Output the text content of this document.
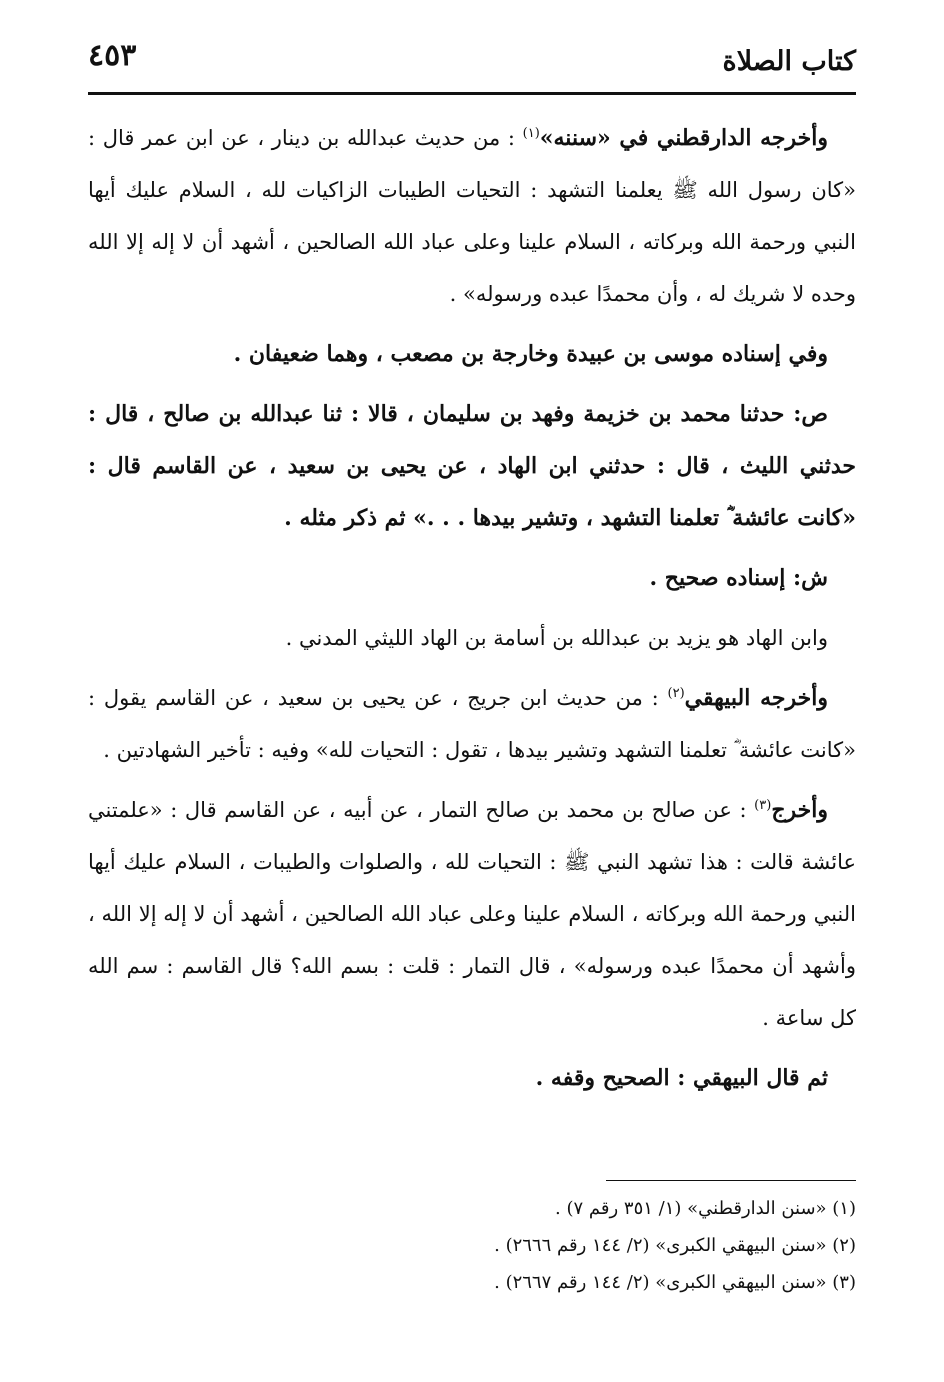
كتاب الصلاة
٤٥٣

وأخرجه الدارقطني في «سننه»$^{(١)}$ : من حديث عبدالله بن دينار ، عن ابن عمر قال : «كان رسول الله ﷺ يعلمنا التشهد : التحيات الطيبات الزاكيات لله ، السلام عليك أيها النبي ورحمة الله وبركاته ، السلام علينا وعلى عباد الله الصالحين ، أشهد أن لا إله إلا الله وحده لا شريك له ، وأن محمدًا عبده ورسوله» .

وفي إسناده موسى بن عبيدة وخارجة بن مصعب ، وهما ضعيفان .

ص: حدثنا محمد بن خزيمة وفهد بن سليمان ، قالا : ثنا عبدالله بن صالح ، قال : حدثني الليث ، قال : حدثني ابن الهاد ، عن يحيى بن سعيد ، عن القاسم قال : «كانت عائشة ؓ تعلمنا التشهد ، وتشير بيدها . . .» ثم ذكر مثله .

ش: إسناده صحيح .

وابن الهاد هو يزيد بن عبدالله بن أسامة بن الهاد الليثي المدني .

وأخرجه البيهقي$^{(٢)}$ : من حديث ابن جريج ، عن يحيى بن سعيد ، عن القاسم يقول : «كانت عائشة ؓ تعلمنا التشهد وتشير بيدها ، تقول : التحيات لله» وفيه : تأخير الشهادتين .

وأخرج$^{(٣)}$ : عن صالح بن محمد بن صالح التمار ، عن أبيه ، عن القاسم قال : «علمتني عائشة قالت : هذا تشهد النبي ﷺ : التحيات لله ، والصلوات والطيبات ، السلام عليك أيها النبي ورحمة الله وبركاته ، السلام علينا وعلى عباد الله الصالحين ، أشهد أن لا إله إلا الله ، وأشهد أن محمدًا عبده ورسوله» ، قال التمار : قلت : بسم الله؟ قال القاسم : سم الله كل ساعة .

ثم قال البيهقي : الصحيح وقفه .

(١) «سنن الدارقطني» (١/ ٣٥١ رقم ٧) .

(٢) «سنن البيهقي الكبرى» (٢/ ١٤٤ رقم ٢٦٦٦) .

(٣) «سنن البيهقي الكبرى» (٢/ ١٤٤ رقم ٢٦٦٧) .
